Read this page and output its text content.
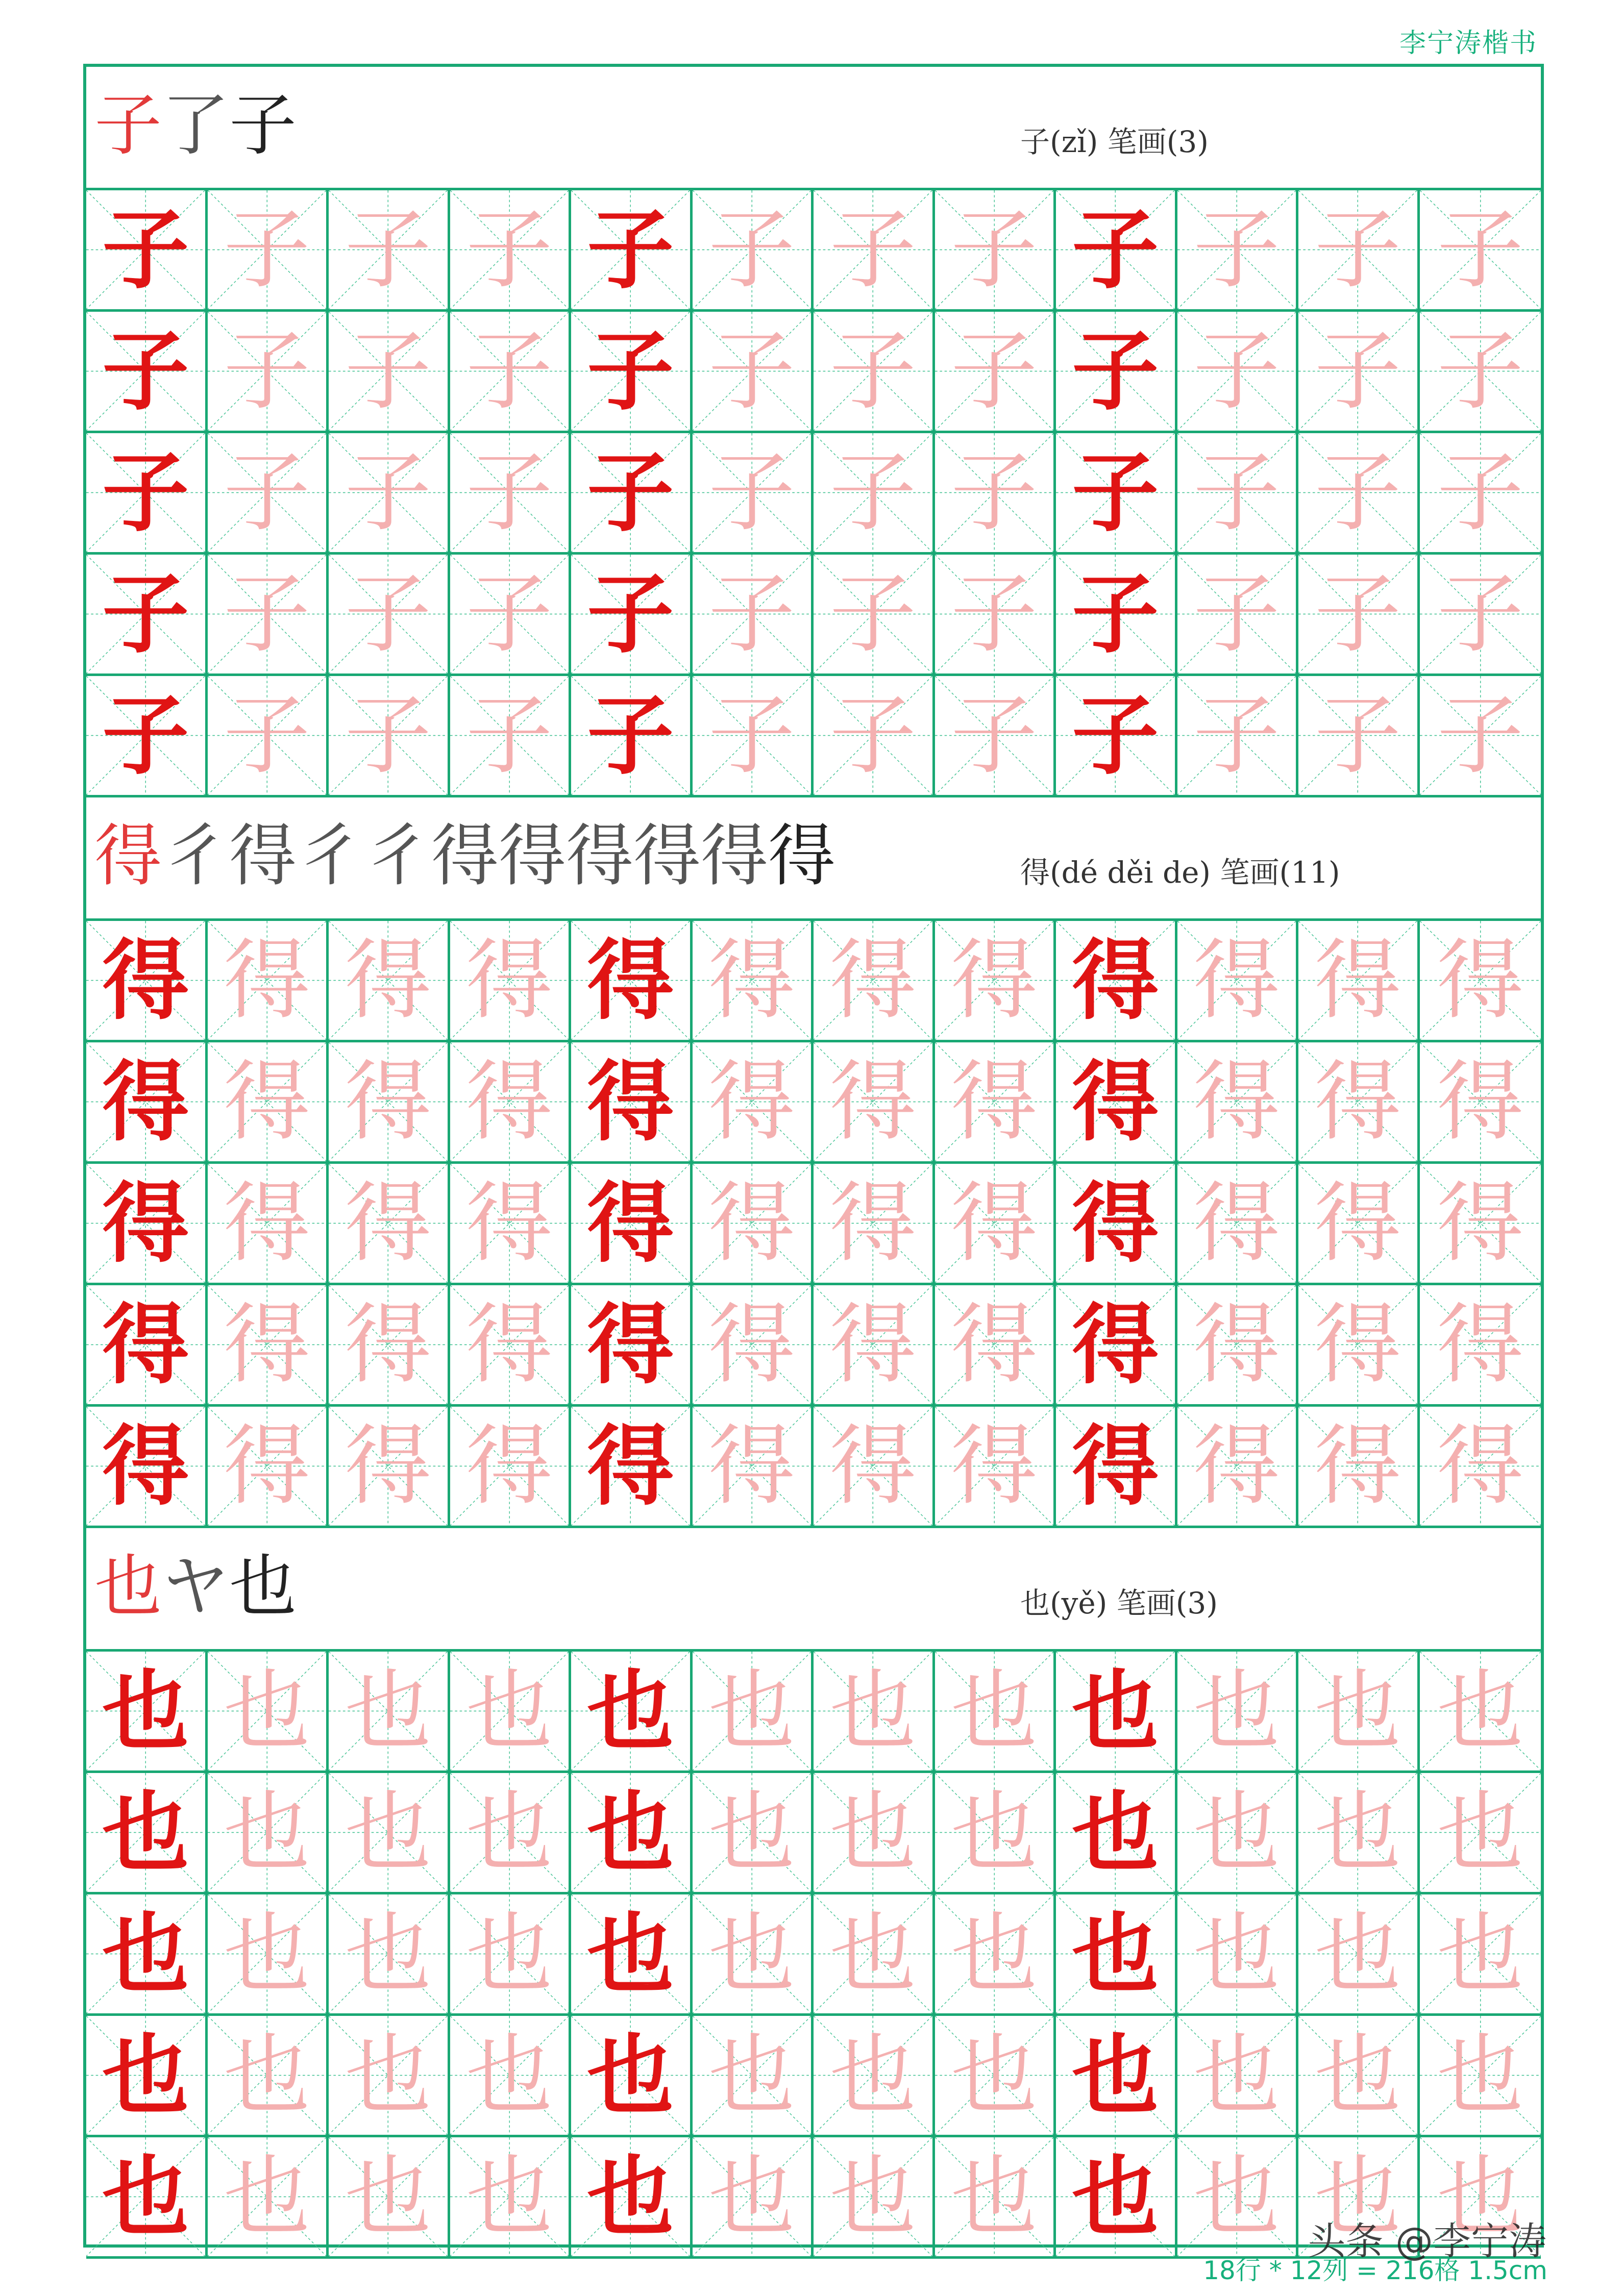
李宁涛楷书
子 了 子	子(zǐ) 笔画(3)
子 子 子 子 子 子 子 子 子 子 子 子
子 子 子 子 子 子 子 子 子 子 子 子
子 子 子 子 子 子 子 子 子 子 子 子
子 子 子 子 子 子 子 子 子 子 子 子
子 子 子 子 子 子 子 子 子 子 子 子
得 彳 得 彳 彳 得 得 得 得 得 得	得(dé děi de) 笔画(11)
得 得 得 得 得 得 得 得 得 得 得 得
得 得 得 得 得 得 得 得 得 得 得 得
得 得 得 得 得 得 得 得 得 得 得 得
得 得 得 得 得 得 得 得 得 得 得 得
得 得 得 得 得 得 得 得 得 得 得 得
也 ヤ 也	也(yě) 笔画(3)
也 也 也 也 也 也 也 也 也 也 也 也
也 也 也 也 也 也 也 也 也 也 也 也
也 也 也 也 也 也 也 也 也 也 也 也
也 也 也 也 也 也 也 也 也 也 也 也
也 也 也 也 也 也 也 也 也 也 也 也
头条 @李宁涛
18行 * 12列 = 216格 1.5cm
